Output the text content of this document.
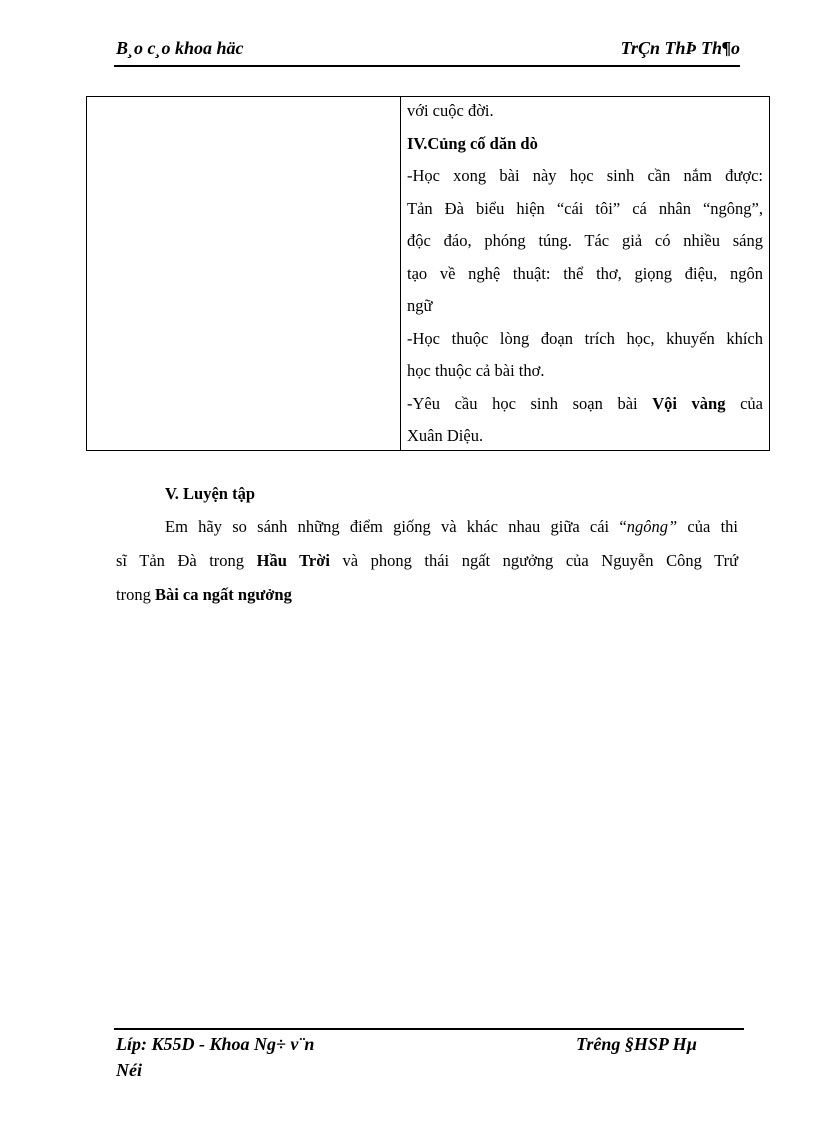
B¸o c¸o khoa häc	TrÇn ThÞ Th¶o
với cuộc đời.
IV.Củng cố dăn dò
-Học xong bài này học sinh cần nắm được:
Tản Đà biểu hiện “cái tôi” cá nhân “ngông”,
độc đáo, phóng túng. Tác giả có nhiều sáng
tạo về nghệ thuật: thể thơ, giọng điệu, ngôn
ngữ
-Học thuộc lòng đoạn trích học, khuyến khích
học thuộc cả bài thơ.
-Yêu cầu học sinh soạn bài Vội vàng của
Xuân Diệu.
V. Luyện tập
Em hãy so sánh những điểm giống và khác nhau giữa cái “ngông” của thi
sĩ Tản Đà trong Hầu Trời và phong thái ngất ngưởng của Nguyễn Công Trứ
trong Bài ca ngất ngưởng
Líp: K55D - Khoa Ng÷ v¨n
Néi
Trêng §HSP Hµ
